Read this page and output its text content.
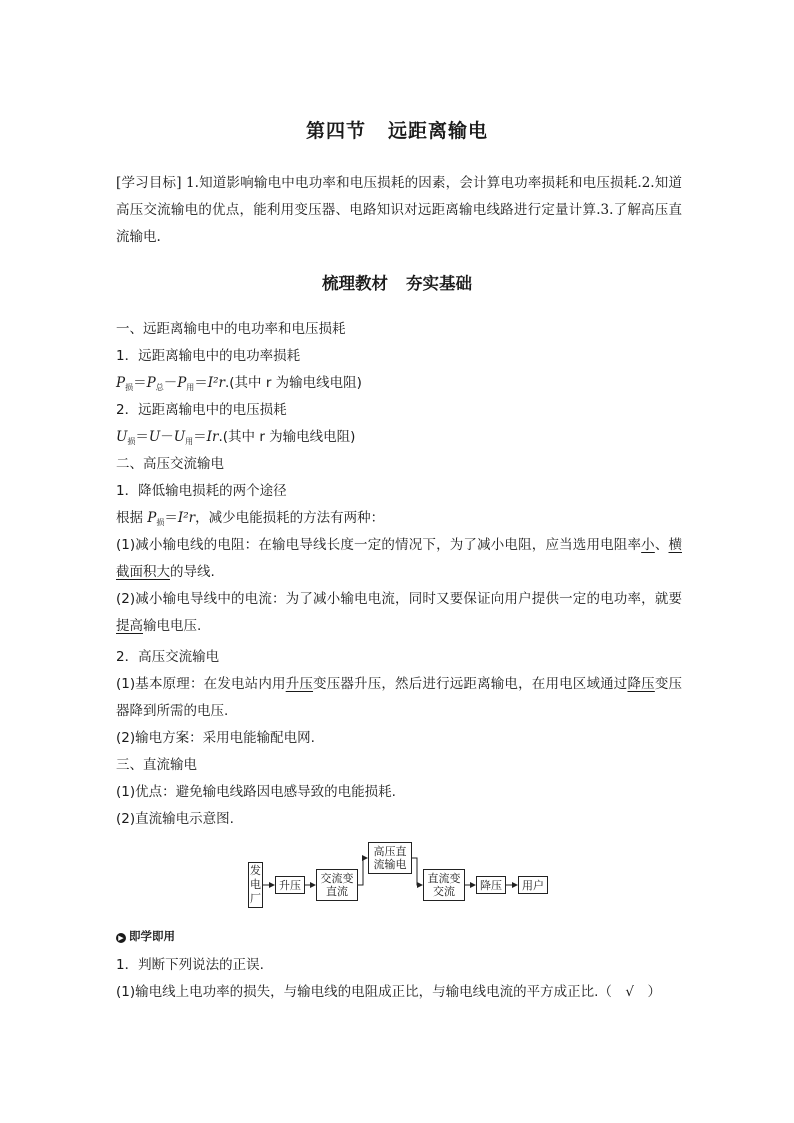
第四节 远距离输电
[学习目标] 1.知道影响输电中电功率和电压损耗的因素，会计算电功率损耗和电压损耗.2.知道高压交流输电的优点，能利用变压器、电路知识对远距离输电线路进行定量计算.3.了解高压直流输电.
梳理教材 夯实基础
一、远距离输电中的电功率和电压损耗
1．远距离输电中的电功率损耗
$P_损=P_总-P_用=I^2r$.(其中 r 为输电线电阻)
2．远距离输电中的电压损耗
$U_损=U-U_用=Ir$.(其中 r 为输电线电阻)
二、高压交流输电
1．降低输电损耗的两个途径
根据 $P_损=I^2r$，减少电能损耗的方法有两种：
(1)减小输电线的电阻：在输电导线长度一定的情况下，为了减小电阻，应当选用电阻率小、横截面积大的导线.
(2)减小输电导线中的电流：为了减小输电电流，同时又要保证向用户提供一定的电功率，就要提高输电电压.
2．高压交流输电
(1)基本原理：在发电站内用升压变压器升压，然后进行远距离输电，在用电区域通过降压变压器降到所需的电压.
(2)输电方案：采用电能输配电网.
三、直流输电
(1)优点：避免输电线路因电感导致的电能损耗.
(2)直流输电示意图.
发电厂
升压 交流变直流
高压直流输电
直流变交流	降压 用户
▶ 即学即用
1．判断下列说法的正误.
(1)输电线上电功率的损失，与输电线的电阻成正比，与输电线电流的平方成正比.（　√　）
